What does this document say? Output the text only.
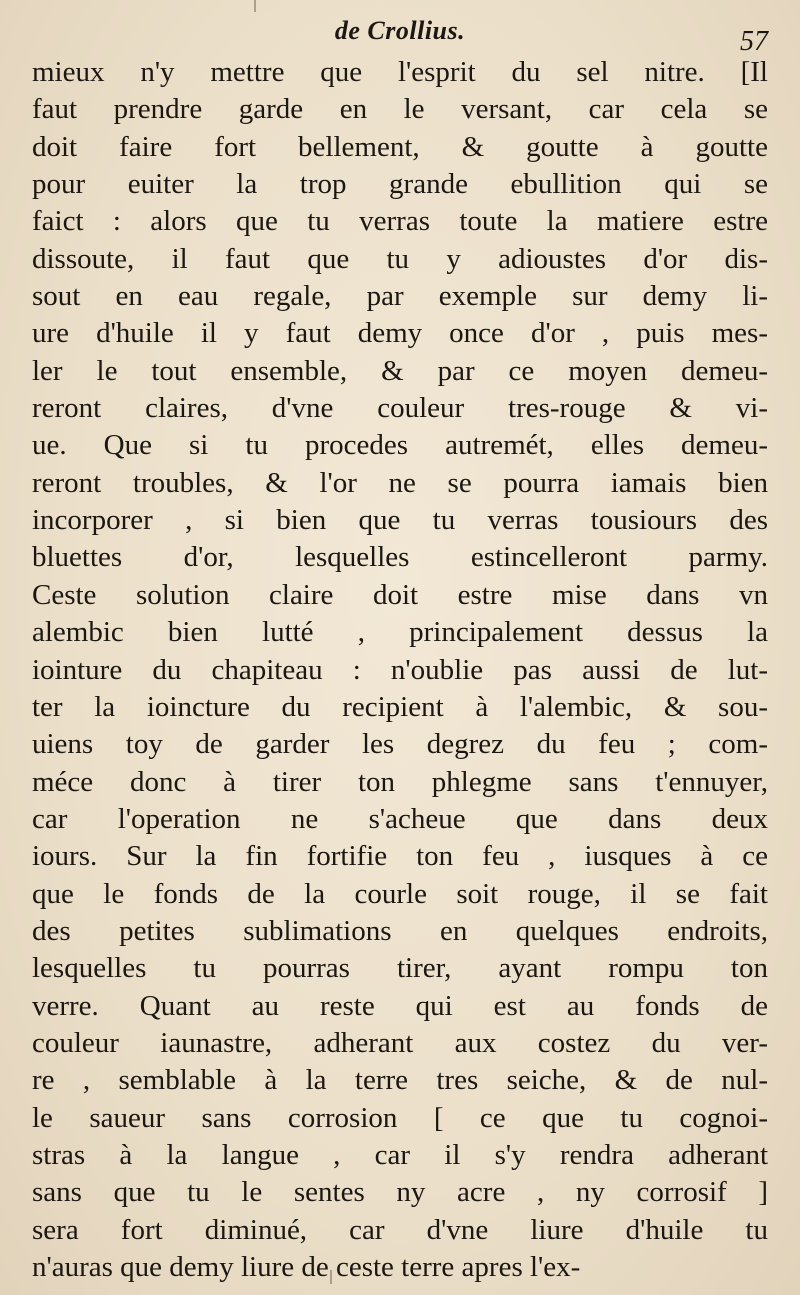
de Crollius.	57
mieux n'y mettre que l'esprit du sel nitre. [Il
faut prendre garde en le versant, car cela se
doit faire fort bellement, & goutte à goutte
pour euiter la trop grande ebullition qui se
faict : alors que tu verras toute la matiere estre
dissoute, il faut que tu y adioustes d'or dis-
sout en eau regale, par exemple sur demy li-
ure d'huile il y faut demy once d'or , puis mes-
ler le tout ensemble, & par ce moyen demeu-
reront claires, d'vne couleur tres-rouge & vi-
ue. Que si tu procedes autremét, elles demeu-
reront troubles, & l'or ne se pourra iamais bien
incorporer , si bien que tu verras tousiours des
bluettes d'or, lesquelles estincelleront parmy.
Ceste solution claire doit estre mise dans vn
alembic bien lutté , principalement dessus la
iointure du chapiteau : n'oublie pas aussi de lut-
ter la ioincture du recipient à l'alembic, & sou-
uiens toy de garder les degrez du feu ; com-
méce donc à tirer ton phlegme sans t'ennuyer,
car l'operation ne s'acheue que dans deux
iours. Sur la fin fortifie ton feu , iusques à ce
que le fonds de la courle soit rouge, il se fait
des petites sublimations en quelques endroits,
lesquelles tu pourras tirer, ayant rompu ton
verre. Quant au reste qui est au fonds de
couleur iaunastre, adherant aux costez du ver-
re , semblable à la terre tres seiche, & de nul-
le saueur sans corrosion [ ce que tu cognoi-
stras à la langue , car il s'y rendra adherant
sans que tu le sentes ny acre , ny corrosif ]
sera fort diminué, car d'vne liure d'huile tu
n'auras que demy liure de ceste terre apres l'ex-
